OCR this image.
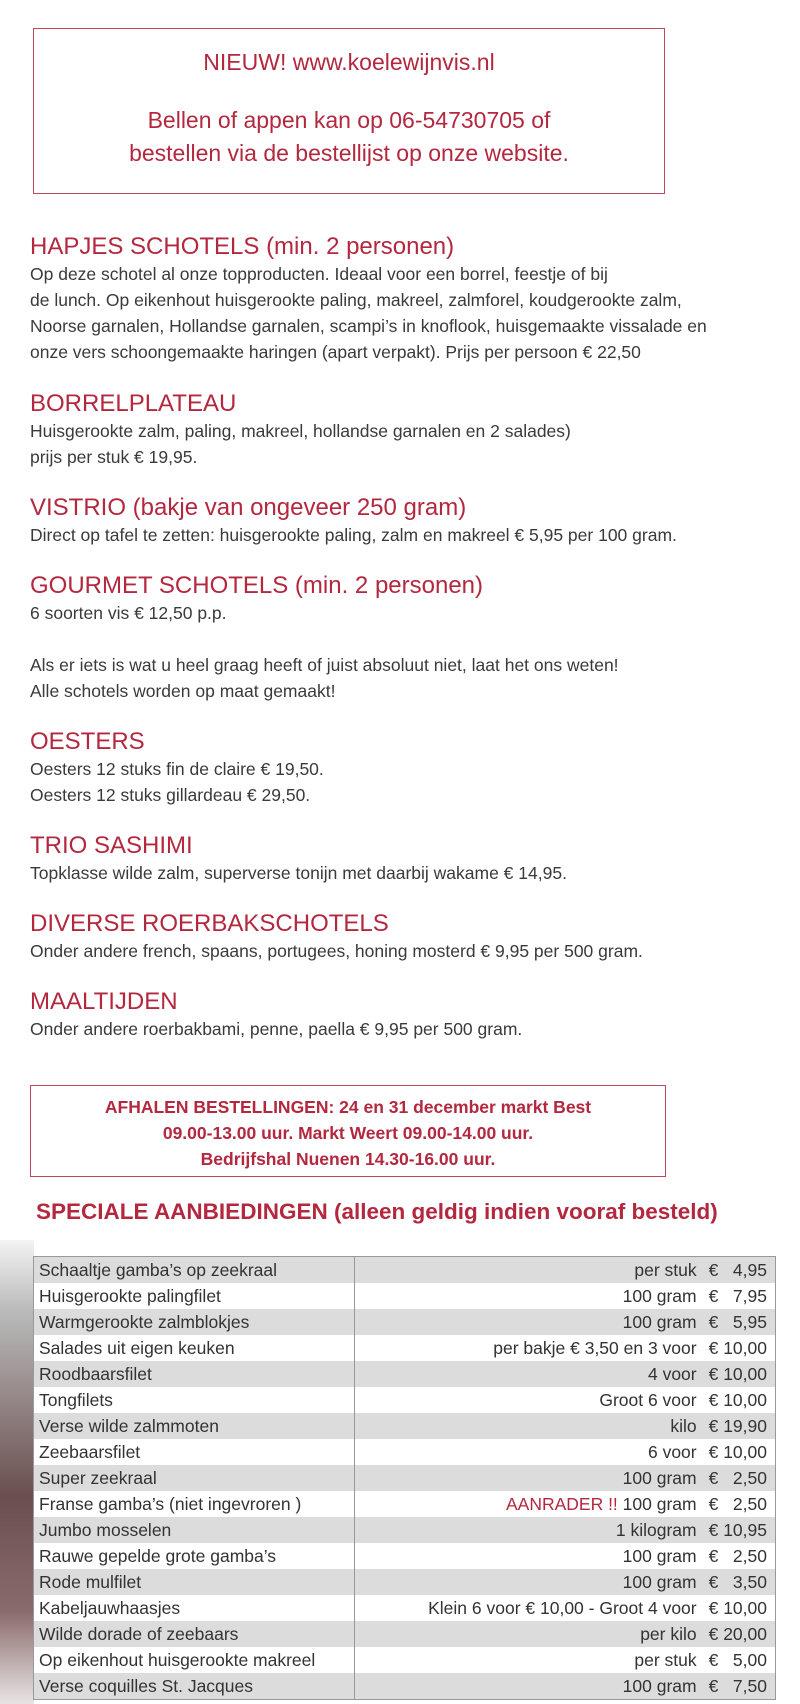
NIEUW! www.koelewijnvis.nl
Bellen of appen kan op 06-54730705 of
bestellen via de bestellijst op onze website.
HAPJES SCHOTELS (min. 2 personen)

Op deze schotel al onze topproducten. Ideaal voor een borrel, feestje of bij

de lunch. Op eikenhout huisgerookte paling, makreel, zalmforel, koudgerookte zalm,

Noorse garnalen, Hollandse garnalen, scampi’s in knoflook, huisgemaakte vissalade en

onze vers schoongemaakte haringen (apart verpakt). Prijs per persoon € 22,50

BORRELPLATEAU

Huisgerookte zalm, paling, makreel, hollandse garnalen en 2 salades)

prijs per stuk € 19,95.

VISTRIO (bakje van ongeveer 250 gram)

Direct op tafel te zetten: huisgerookte paling, zalm en makreel € 5,95 per 100 gram.

GOURMET SCHOTELS (min. 2 personen)

6 soorten vis € 12,50 p.p.

Als er iets is wat u heel graag heeft of juist absoluut niet, laat het ons weten!

Alle schotels worden op maat gemaakt!

OESTERS

Oesters 12 stuks fin de claire € 19,50.

Oesters 12 stuks gillardeau € 29,50.

TRIO SASHIMI

Topklasse wilde zalm, superverse tonijn met daarbij wakame € 14,95.

DIVERSE ROERBAKSCHOTELS

Onder andere french, spaans, portugees, honing mosterd € 9,95 per 500 gram.

MAALTIJDEN

Onder andere roerbakbami, penne, paella € 9,95 per 500 gram.

AFHALEN BESTELLINGEN: 24 en 31 december markt Best
09.00-13.00 uur. Markt Weert 09.00-14.00 uur.
Bedrijfshal Nuenen 14.30-16.00 uur.
SPECIALE AANBIEDINGEN (alleen geldig indien vooraf besteld)
Schaaltje gamba’s op zeekraal	per stuk €   4,95
Huisgerookte palingfilet	100 gram €   7,95
Warmgerookte zalmblokjes	100 gram €   5,95
Salades uit eigen keuken	per bakje € 3,50 en 3 voor € 10,00
Roodbaarsfilet	4 voor € 10,00
Tongfilets	Groot 6 voor € 10,00
Verse wilde zalmmoten	kilo € 19,90
Zeebaarsfilet	6 voor € 10,00
Super zeekraal	100 gram €   2,50
Franse gamba’s (niet ingevroren )	AANRADER !! 100 gram €   2,50
Jumbo mosselen	1 kilogram € 10,95
Rauwe gepelde grote gamba’s	100 gram €   2,50
Rode mulfilet	100 gram €   3,50
Kabeljauwhaasjes	Klein 6 voor € 10,00 - Groot 4 voor € 10,00
Wilde dorade of zeebaars	per kilo € 20,00
Op eikenhout huisgerookte makreel	per stuk €   5,00
Verse coquilles St. Jacques	100 gram €   7,50
